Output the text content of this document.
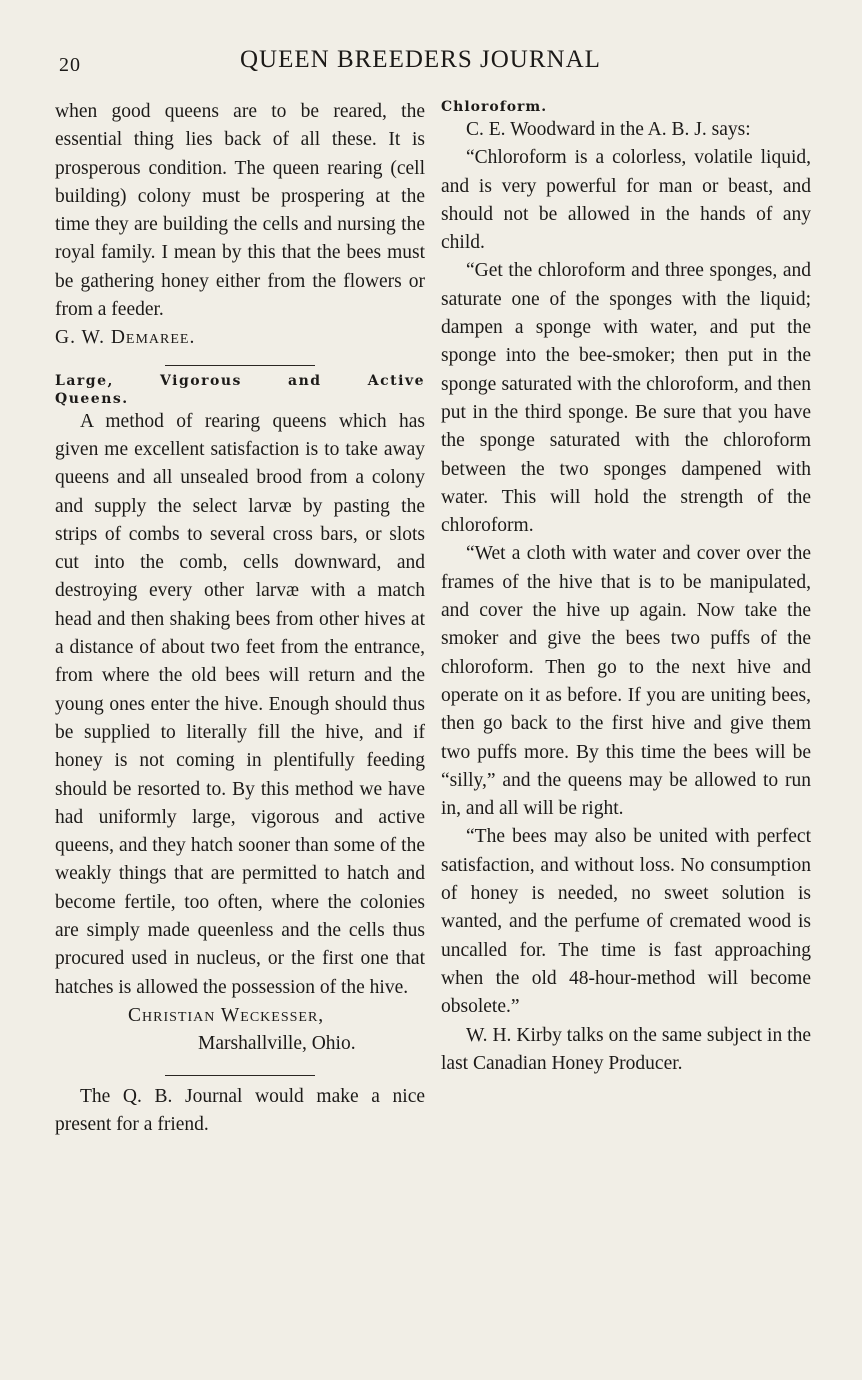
20	QUEEN BREEDERS JOURNAL

when good queens are to be reared, the essential thing lies back of all these. It is prosperous condition. The queen rearing (cell building) colony must be prospering at the time they are building the cells and nursing the royal family. I mean by this that the bees must be gathering honey either from the flowers or from a feeder.

G. W. Demaree.

Large, Vigorous and Active

Queens.

A method of rearing queens which has given me excellent satisfaction is to take away queens and all unsealed brood from a colony and supply the select larvæ by pasting the strips of combs to several cross bars, or slots cut into the comb, cells downward, and destroying every other larvæ with a match head and then shaking bees from other hives at a distance of about two feet from the entrance, from where the old bees will return and the young ones enter the hive. Enough should thus be supplied to literally fill the hive, and if honey is not coming in plentifully feeding should be resorted to. By this method we have had uniformly large, vigorous and active queens, and they hatch sooner than some of the weakly things that are permitted to hatch and become fertile, too often, where the colonies are simply made queenless and the cells thus procured used in nucleus, or the first one that hatches is allowed the possession of the hive.

Christian Weckesser,

Marshallville, Ohio.

The Q. B. Journal would make a nice present for a friend.

Chloroform.

C. E. Woodward in the A. B. J. says:

“Chloroform is a colorless, volatile liquid, and is very powerful for man or beast, and should not be allowed in the hands of any child.

“Get the chloroform and three sponges, and saturate one of the sponges with the liquid; dampen a sponge with water, and put the sponge into the bee-smoker; then put in the sponge saturated with the chloroform, and then put in the third sponge. Be sure that you have the sponge saturated with the chloroform between the two sponges dampened with water. This will hold the strength of the chloroform.

“Wet a cloth with water and cover over the frames of the hive that is to be manipulated, and cover the hive up again. Now take the smoker and give the bees two puffs of the chloroform. Then go to the next hive and operate on it as before. If you are uniting bees, then go back to the first hive and give them two puffs more. By this time the bees will be “silly,” and the queens may be allowed to run in, and all will be right.

“The bees may also be united with perfect satisfaction, and without loss. No consumption of honey is needed, no sweet solution is wanted, and the perfume of cremated wood is uncalled for. The time is fast approaching when the old 48-hour-method will become obsolete.”

W. H. Kirby talks on the same subject in the last Canadian Honey Producer.
